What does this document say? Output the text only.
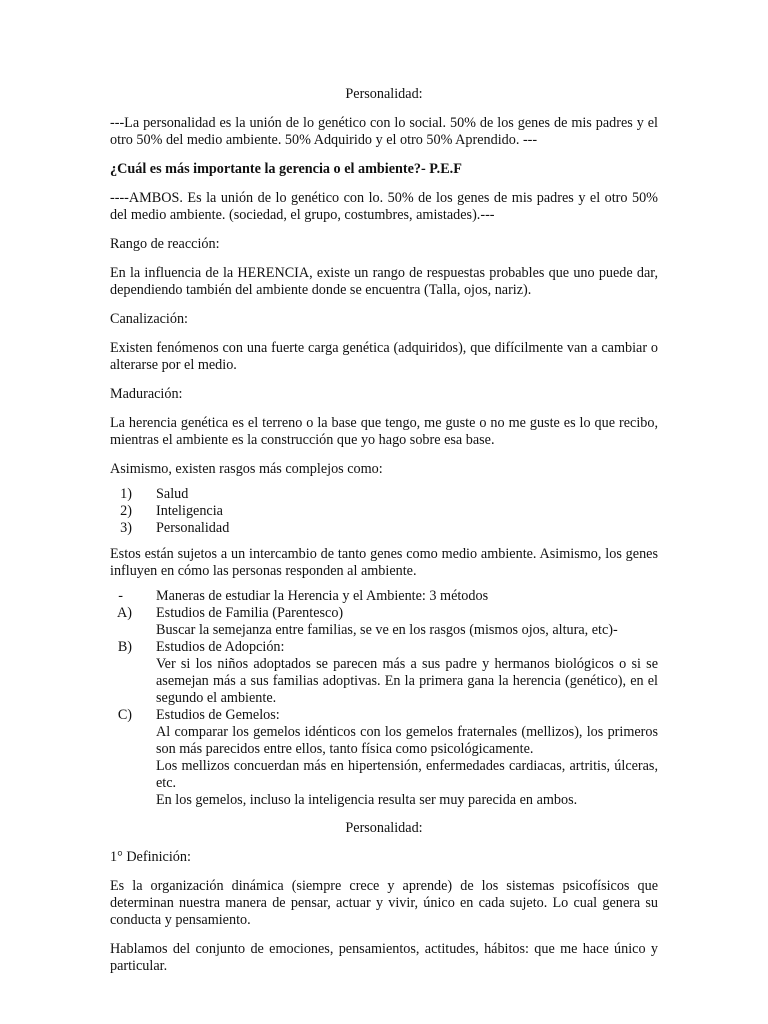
Personalidad:

---La personalidad es la unión de lo genético con lo social. 50% de los genes de mis padres y el otro 50% del medio ambiente. 50% Adquirido y el otro 50% Aprendido. ---

¿Cuál es más importante la gerencia o el ambiente?- P.E.F

----AMBOS. Es la unión de lo genético con lo. 50% de los genes de mis padres y el otro 50% del medio ambiente. (sociedad, el grupo, costumbres, amistades).---

Rango de reacción:

En la influencia de la HERENCIA, existe un rango de respuestas probables que uno puede dar, dependiendo también del ambiente donde se encuentra (Talla, ojos, nariz).

Canalización:

Existen fenómenos con una fuerte carga genética (adquiridos), que difícilmente van a cambiar o alterarse por el medio.

Maduración:

La herencia genética es el terreno o la base que tengo, me guste o no me guste es lo que recibo, mientras el ambiente es la construcción que yo hago sobre esa base.

Asimismo, existen rasgos más complejos como:

1) Salud
2) Inteligencia
3) Personalidad

Estos están sujetos a un intercambio de tanto genes como medio ambiente. Asimismo, los genes influyen en cómo las personas responden al ambiente.

- Maneras de estudiar la Herencia y el Ambiente: 3 métodos
A) Estudios de Familia (Parentesco)
Buscar la semejanza entre familias, se ve en los rasgos (mismos ojos, altura, etc)-
B) Estudios de Adopción:
Ver si los niños adoptados se parecen más a sus padre y hermanos biológicos o si se asemejan más a sus familias adoptivas. En la primera gana la herencia (genético), en el segundo el ambiente.
C) Estudios de Gemelos:
Al comparar los gemelos idénticos con los gemelos fraternales (mellizos), los primeros son más parecidos entre ellos, tanto física como psicológicamente.
Los mellizos concuerdan más en hipertensión, enfermedades cardiacas, artritis, úlceras, etc.
En los gemelos, incluso la inteligencia resulta ser muy parecida en ambos.

Personalidad:

1° Definición:

Es la organización dinámica (siempre crece y aprende) de los sistemas psicofísicos que determinan nuestra manera de pensar, actuar y vivir, único en cada sujeto. Lo cual genera su conducta y pensamiento.

Hablamos del conjunto de emociones, pensamientos, actitudes, hábitos: que me hace único y particular.
